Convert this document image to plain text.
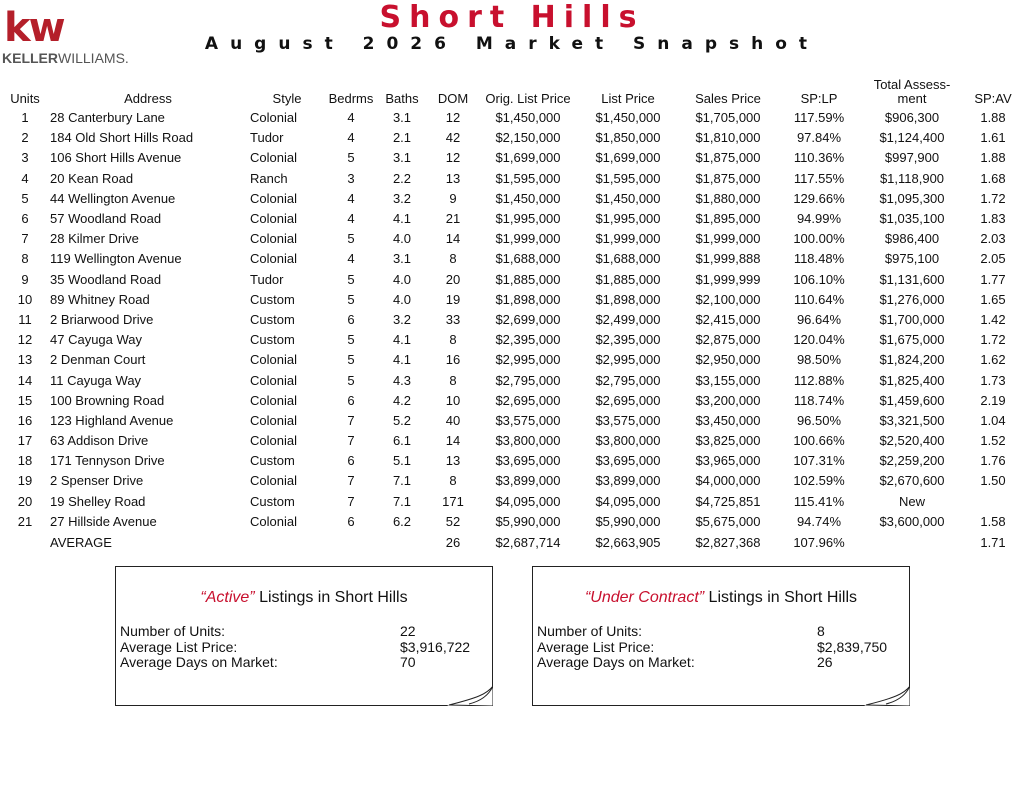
kw
KELLERWILLIAMS.
Short Hills
August 2026 Market Snapshot
Units	Address	Style	Bedrms	Baths	DOM	Orig. List Price	List Price	Sales Price	SP:LP	Total Assess-ment	SP:AV
1	28 Canterbury Lane	Colonial	4	3.1	12	$1,450,000	$1,450,000	$1,705,000	117.59%	$906,300	1.88
2	184 Old Short Hills Road	Tudor	4	2.1	42	$2,150,000	$1,850,000	$1,810,000	97.84%	$1,124,400	1.61
3	106 Short Hills Avenue	Colonial	5	3.1	12	$1,699,000	$1,699,000	$1,875,000	110.36%	$997,900	1.88
4	20 Kean Road	Ranch	3	2.2	13	$1,595,000	$1,595,000	$1,875,000	117.55%	$1,118,900	1.68
5	44 Wellington Avenue	Colonial	4	3.2	9	$1,450,000	$1,450,000	$1,880,000	129.66%	$1,095,300	1.72
6	57 Woodland Road	Colonial	4	4.1	21	$1,995,000	$1,995,000	$1,895,000	94.99%	$1,035,100	1.83
7	28 Kilmer Drive	Colonial	5	4.0	14	$1,999,000	$1,999,000	$1,999,000	100.00%	$986,400	2.03
8	119 Wellington Avenue	Colonial	4	3.1	8	$1,688,000	$1,688,000	$1,999,888	118.48%	$975,100	2.05
9	35 Woodland Road	Tudor	5	4.0	20	$1,885,000	$1,885,000	$1,999,999	106.10%	$1,131,600	1.77
10	89 Whitney Road	Custom	5	4.0	19	$1,898,000	$1,898,000	$2,100,000	110.64%	$1,276,000	1.65
11	2 Briarwood Drive	Custom	6	3.2	33	$2,699,000	$2,499,000	$2,415,000	96.64%	$1,700,000	1.42
12	47 Cayuga Way	Custom	5	4.1	8	$2,395,000	$2,395,000	$2,875,000	120.04%	$1,675,000	1.72
13	2 Denman Court	Colonial	5	4.1	16	$2,995,000	$2,995,000	$2,950,000	98.50%	$1,824,200	1.62
14	11 Cayuga Way	Colonial	5	4.3	8	$2,795,000	$2,795,000	$3,155,000	112.88%	$1,825,400	1.73
15	100 Browning Road	Colonial	6	4.2	10	$2,695,000	$2,695,000	$3,200,000	118.74%	$1,459,600	2.19
16	123 Highland Avenue	Colonial	7	5.2	40	$3,575,000	$3,575,000	$3,450,000	96.50%	$3,321,500	1.04
17	63 Addison Drive	Colonial	7	6.1	14	$3,800,000	$3,800,000	$3,825,000	100.66%	$2,520,400	1.52
18	171 Tennyson Drive	Custom	6	5.1	13	$3,695,000	$3,695,000	$3,965,000	107.31%	$2,259,200	1.76
19	2 Spenser Drive	Colonial	7	7.1	8	$3,899,000	$3,899,000	$4,000,000	102.59%	$2,670,600	1.50
20	19 Shelley Road	Custom	7	7.1	171	$4,095,000	$4,095,000	$4,725,851	115.41%	New	
21	27 Hillside Avenue	Colonial	6	6.2	52	$5,990,000	$5,990,000	$5,675,000	94.74%	$3,600,000	1.58
	AVERAGE				26	$2,687,714	$2,663,905	$2,827,368	107.96%		1.71
“Active” Listings in Short Hills
Number of Units:	22
Average List Price:	$3,916,722
Average Days on Market:	70
“Under Contract” Listings in Short Hills
Number of Units:	8
Average List Price:	$2,839,750
Average Days on Market:	26
